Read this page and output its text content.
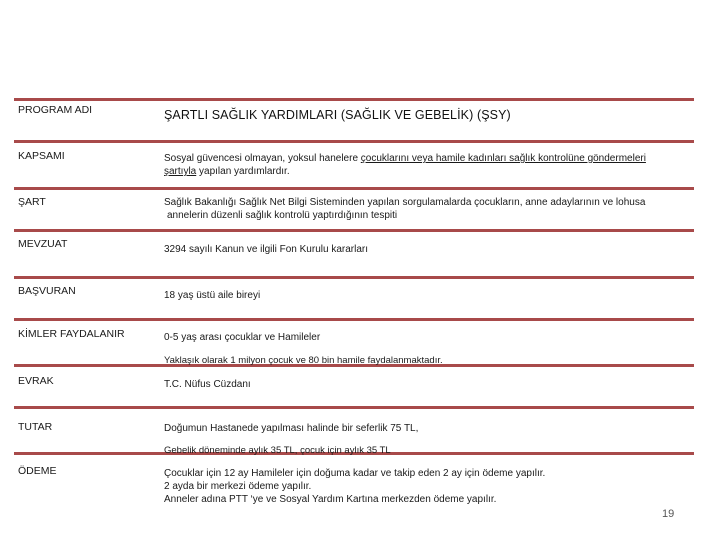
PROGRAM ADI	ŞARTLI SAĞLIK YARDIMLARI (SAĞLIK VE GEBELİK) (ŞSY)
KAPSAMI	Sosyal güvencesi olmayan, yoksul hanelere çocuklarını veya hamile kadınları sağlık kontrolüne göndermeleri
şartıyla yapılan yardımlardır.
ŞART	Sağlık Bakanlığı Sağlık Net Bilgi Sisteminden yapılan sorgulamalarda çocukların, anne adaylarının ve lohusa
annelerin düzenli sağlık kontrolü yaptırdığının tespiti
MEVZUAT	3294 sayılı Kanun ve ilgili Fon Kurulu kararları
BAŞVURAN	18 yaş üstü aile bireyi
KİMLER FAYDALANIR	0-5 yaş arası çocuklar ve Hamileler
Yaklaşık olarak 1 milyon çocuk ve 80 bin hamile faydalanmaktadır.
EVRAK	T.C. Nüfus Cüzdanı
TUTAR	Doğumun Hastanede yapılması halinde bir seferlik 75 TL,
Gebelik döneminde aylık 35 TL, çocuk için aylık 35 TL
ÖDEME	Çocuklar için 12 ay Hamileler için doğuma kadar ve takip eden 2 ay için ödeme yapılır.
2 ayda bir merkezi ödeme yapılır.
Anneler adına PTT ‘ye ve Sosyal Yardım Kartına merkezden ödeme yapılır.
19
